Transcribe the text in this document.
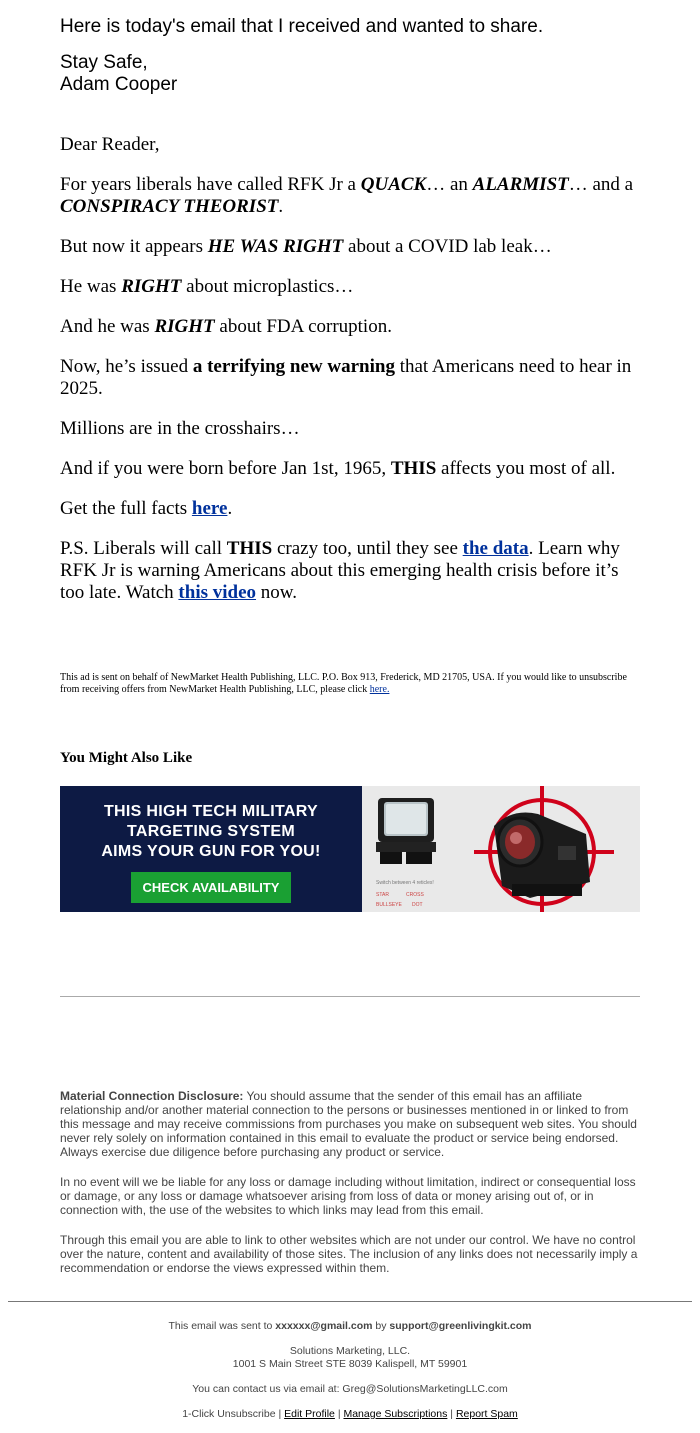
Here is today's email that I received and wanted to share.

Stay Safe,
Adam Cooper

Dear Reader,

For years liberals have called RFK Jr a QUACK… an ALARMIST… and a CONSPIRACY THEORIST.

But now it appears HE WAS RIGHT about a COVID lab leak…

He was RIGHT about microplastics…

And he was RIGHT about FDA corruption.

Now, he’s issued a terrifying new warning that Americans need to hear in 2025.

Millions are in the crosshairs…

And if you were born before Jan 1st, 1965, THIS affects you most of all.

Get the full facts here.

P.S. Liberals will call THIS crazy too, until they see the data. Learn why RFK Jr is warning Americans about this emerging health crisis before it’s too late. Watch this video now.

This ad is sent on behalf of NewMarket Health Publishing, LLC. P.O. Box 913, Frederick, MD 21705, USA. If you would like to unsubscribe from receiving offers from NewMarket Health Publishing, LLC, please click here.
You Might Also Like
THIS HIGH TECH MILITARY
TARGETING SYSTEM
AIMS YOUR GUN FOR YOU!
CHECK AVAILABILITY	Switch between 4 reticles!
STAR	CROSS
BULLSEYE DOT

Material Connection Disclosure: You should assume that the sender of this email has an affiliate relationship and/or another material connection to the persons or businesses mentioned in or linked to from this message and may receive commissions from purchases you make on subsequent web sites. You should never rely solely on information contained in this email to evaluate the product or service being endorsed. Always exercise due diligence before purchasing any product or service.

In no event will we be liable for any loss or damage including without limitation, indirect or consequential loss or damage, or any loss or damage whatsoever arising from loss of data or money arising out of, or in connection with, the use of the websites to which links may lead from this email.

Through this email you are able to link to other websites which are not under our control. We have no control over the nature, content and availability of those sites. The inclusion of any links does not necessarily imply a recommendation or endorse the views expressed within them.

This email was sent to xxxxxx@gmail.com by support@greenlivingkit.com

Solutions Marketing, LLC.
1001 S Main Street STE 8039 Kalispell, MT 59901

You can contact us via email at: Greg@SolutionsMarketingLLC.com

1-Click Unsubscribe | Edit Profile | Manage Subscriptions | Report Spam
